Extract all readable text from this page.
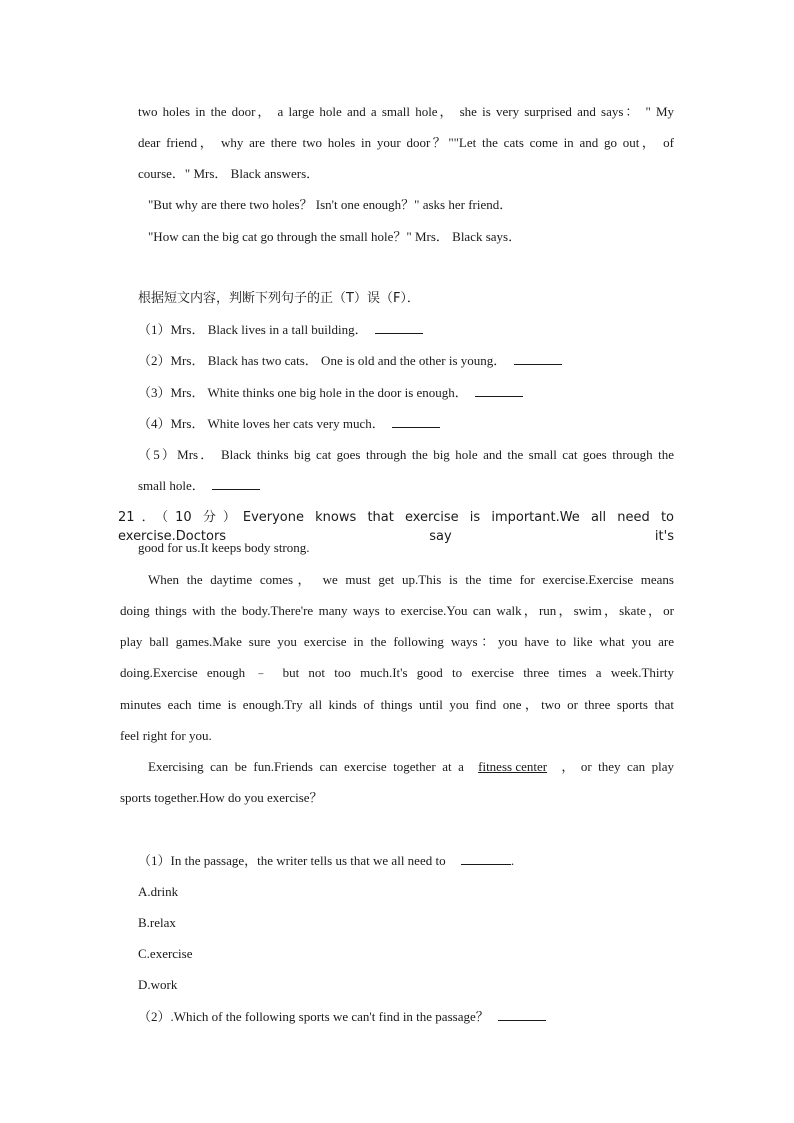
two holes in the door， a large hole and a small hole， she is very surprised and says： " My
dear friend， why are there two holes in your door？""Let the cats come in and go out， of
course．" Mrs． Black answers．
"But why are there two holes？ Isn't one enough？" asks her friend．
"How can the big cat go through the small hole？" Mrs． Black says．
根据短文内容，判断下列句子的正（T）误（F）．
（1）Mrs． Black lives in a tall building．
（2）Mrs． Black has two cats． One is old and the other is young．
（3）Mrs． White thinks one big hole in the door is enough．
（4）Mrs． White loves her cats very much．
（5）Mrs． Black thinks big cat goes through the big hole and the small cat goes through the
small hole．
21．（10 分）Everyone knows that exercise is important.We all need to exercise.Doctors say it's
good for us.It keeps body strong.
When the daytime comes， we must get up.This is the time for exercise.Exercise means
doing things with the body.There're many ways to exercise.You can walk，run，swim，skate，or
play ball games.Make sure you exercise in the following ways：you have to like what you are
doing.Exercise enough ﹣ but not too much.It's good to exercise three times a week.Thirty
minutes each time is enough.Try all kinds of things until you find one，two or three sports that
feel right for you.
Exercising  can  be  fun.Friends  can  exercise  together  at  a fitness center ，  or  they  can  play
sports together.How do you exercise？
（1）In the passage，the writer tells us that we all need to	.
A.drink
B.relax
C.exercise
D.work
（2）.Which of the following sports we can't find in the passage？
